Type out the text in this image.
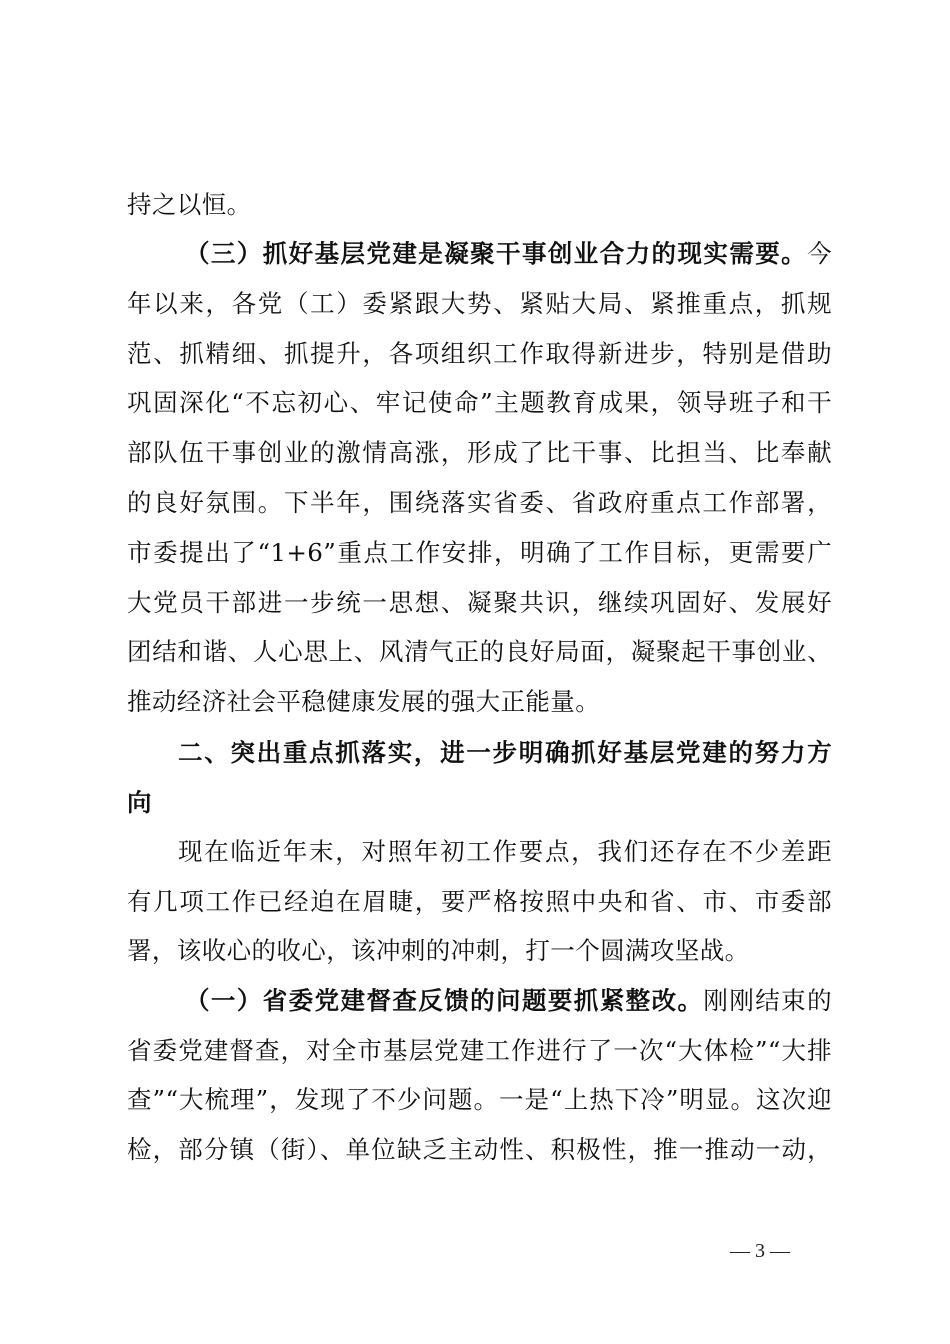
持之以恒。
（三）抓好基层党建是凝聚干事创业合力的现实需要。今
年以来，各党（工）委紧跟大势、紧贴大局、紧推重点，抓规
范、抓精细、抓提升，各项组织工作取得新进步，特别是借助
巩固深化“不忘初心、牢记使命”主题教育成果，领导班子和干
部队伍干事创业的激情高涨，形成了比干事、比担当、比奉献
的良好氛围。下半年，围绕落实省委、省政府重点工作部署，
市委提出了“1+6”重点工作安排，明确了工作目标，更需要广
大党员干部进一步统一思想、凝聚共识，继续巩固好、发展好
团结和谐、人心思上、风清气正的良好局面，凝聚起干事创业、
推动经济社会平稳健康发展的强大正能量。
二、突出重点抓落实，进一步明确抓好基层党建的努力方
向
现在临近年末，对照年初工作要点，我们还存在不少差距
有几项工作已经迫在眉睫，要严格按照中央和省、市、市委部
署，该收心的收心，该冲刺的冲刺，打一个圆满攻坚战。
（一）省委党建督查反馈的问题要抓紧整改。刚刚结束的
省委党建督查，对全市基层党建工作进行了一次“大体检”“大排
查”“大梳理”，发现了不少问题。一是“上热下冷”明显。这次迎
检，部分镇（街）、单位缺乏主动性、积极性，推一推动一动，
— 3 —
